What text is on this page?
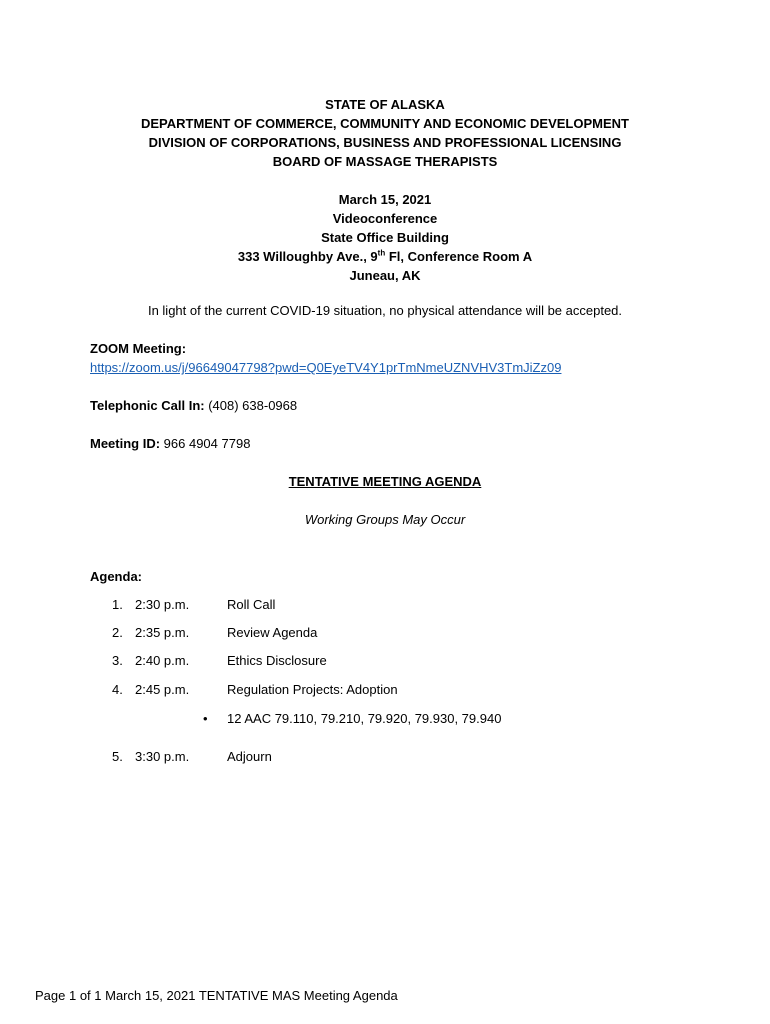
STATE OF ALASKA
DEPARTMENT OF COMMERCE, COMMUNITY AND ECONOMIC DEVELOPMENT
DIVISION OF CORPORATIONS, BUSINESS AND PROFESSIONAL LICENSING
BOARD OF MASSAGE THERAPISTS
March 15, 2021
Videoconference
State Office Building
333 Willoughby Ave., 9th Fl, Conference Room A
Juneau, AK
In light of the current COVID-19 situation, no physical attendance will be accepted.
ZOOM Meeting:
https://zoom.us/j/96649047798?pwd=Q0EyeTV4Y1prTmNmeUZNVHV3TmJiZz09
Telephonic Call In: (408) 638-0968
Meeting ID: 966 4904 7798
TENTATIVE MEETING AGENDA
Working Groups May Occur
Agenda:
1. 2:30 p.m.	Roll Call
2. 2:35 p.m.	Review Agenda
3. 2:40 p.m.	Ethics Disclosure
4. 2:45 p.m.	Regulation Projects: Adoption
• 12 AAC 79.110, 79.210, 79.920, 79.930, 79.940
5. 3:30 p.m.	Adjourn
Page 1 of 1 March 15, 2021 TENTATIVE MAS Meeting Agenda
